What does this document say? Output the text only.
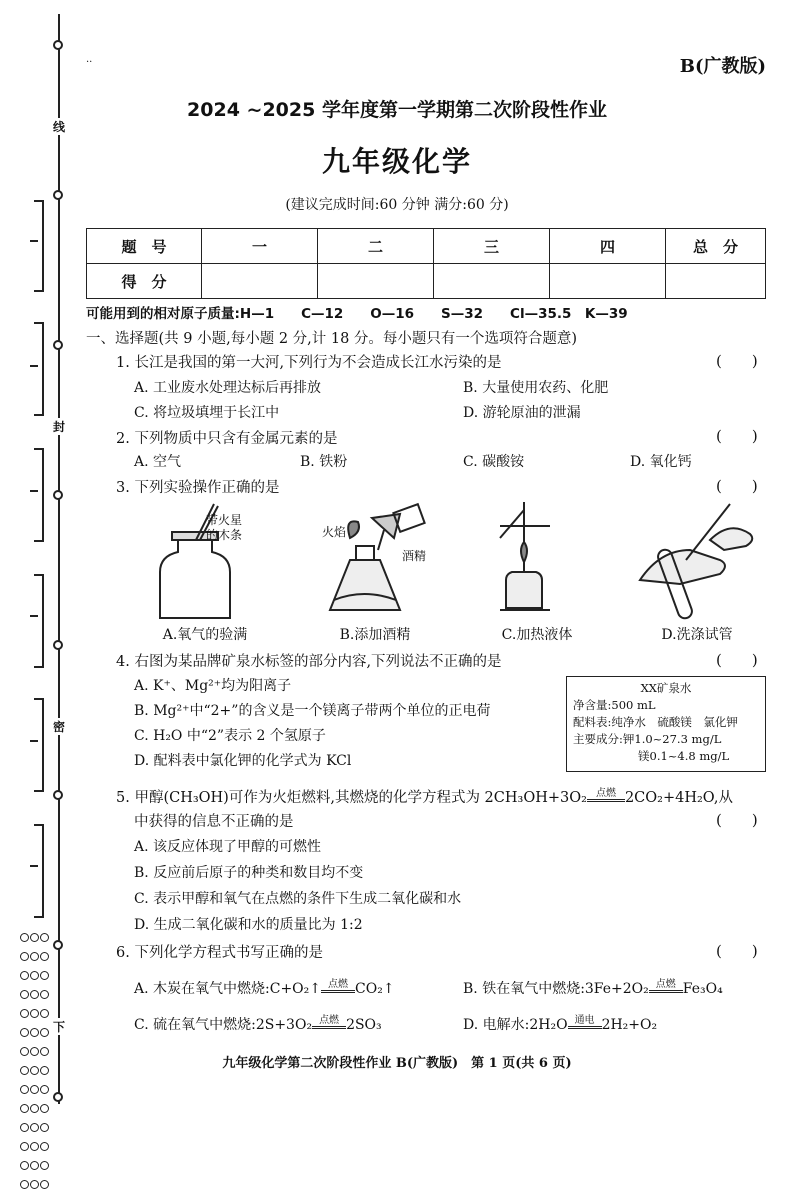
线
封
密
下
..	B(广教版)
2024 ~2025 学年度第一学期第二次阶段性作业
九年级化学
(建议完成时间:60 分钟 满分:60 分)
题　号	一	二	三	四	总　分
得　分					
可能用到的相对原子质量:H—1　　C—12　　O—16　　S—32　　Cl—35.5　K—39
一、选择题(共 9 小题,每小题 2 分,计 18 分。每小题只有一个选项符合题意)
1. 长江是我国的第一大河,下列行为不会造成长江水污染的是	(　　)
A. 工业废水处理达标后再排放	B. 大量使用农药、化肥
C. 将垃圾填埋于长江中	D. 游轮原油的泄漏
2. 下列物质中只含有金属元素的是	(　　)
A. 空气	B. 铁粉	C. 碳酸铵	D. 氧化钙
3. 下列实验操作正确的是	(　　)
带火星
的木条	火焰
酒精
A.氧气的验满	B.添加酒精	C.加热液体	D.洗涤试管
4. 右图为某品牌矿泉水标签的部分内容,下列说法不正确的是	(　　)
A. K⁺、Mg²⁺均为阳离子
B. Mg²⁺中“2+”的含义是一个镁离子带两个单位的正电荷
C. H₂O 中“2”表示 2 个氢原子
D. 配料表中氯化钾的化学式为 KCl
XX矿泉水
净含量:500 mL
配料表:纯净水　硫酸镁　氯化钾
主要成分:钾1.0~27.3 mg/L
镁0.1~4.8 mg/L
5. 甲醇(CH₃OH)可作为火炬燃料,其燃烧的化学方程式为 2CH₃OH+3O₂ 点燃 2CO₂+4H₂O,从
中获得的信息不正确的是	(　　)
A. 该反应体现了甲醇的可燃性
B. 反应前后原子的种类和数目均不变
C. 表示甲醇和氧气在点燃的条件下生成二氧化碳和水
D. 生成二氧化碳和水的质量比为 1:2
6. 下列化学方程式书写正确的是	(　　)
A. 木炭在氧气中燃烧:C+O₂↑ 点燃 CO₂↑	B. 铁在氧气中燃烧:3Fe+2O₂ 点燃 Fe₃O₄
C. 硫在氧气中燃烧:2S+3O₂ 点燃 2SO₃	D. 电解水:2H₂O 通电 2H₂+O₂
九年级化学第二次阶段性作业 B(广教版)　第 1 页(共 6 页)
